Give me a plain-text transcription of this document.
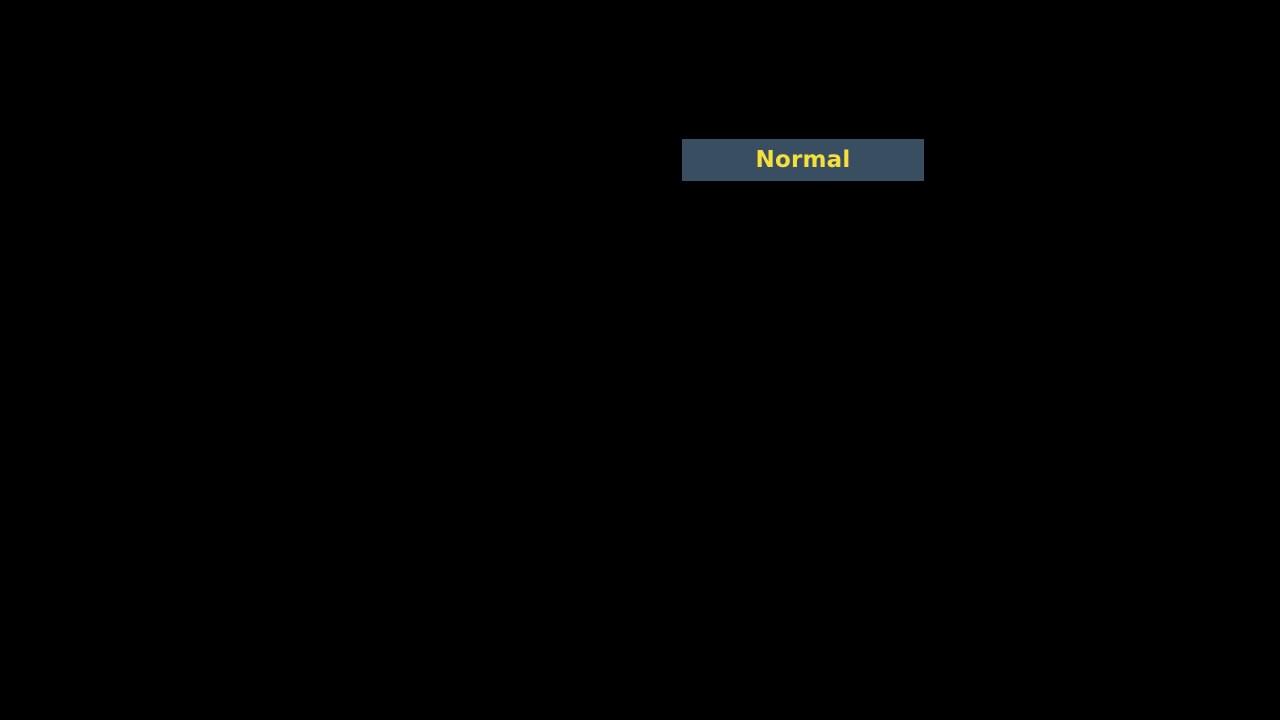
Normal
